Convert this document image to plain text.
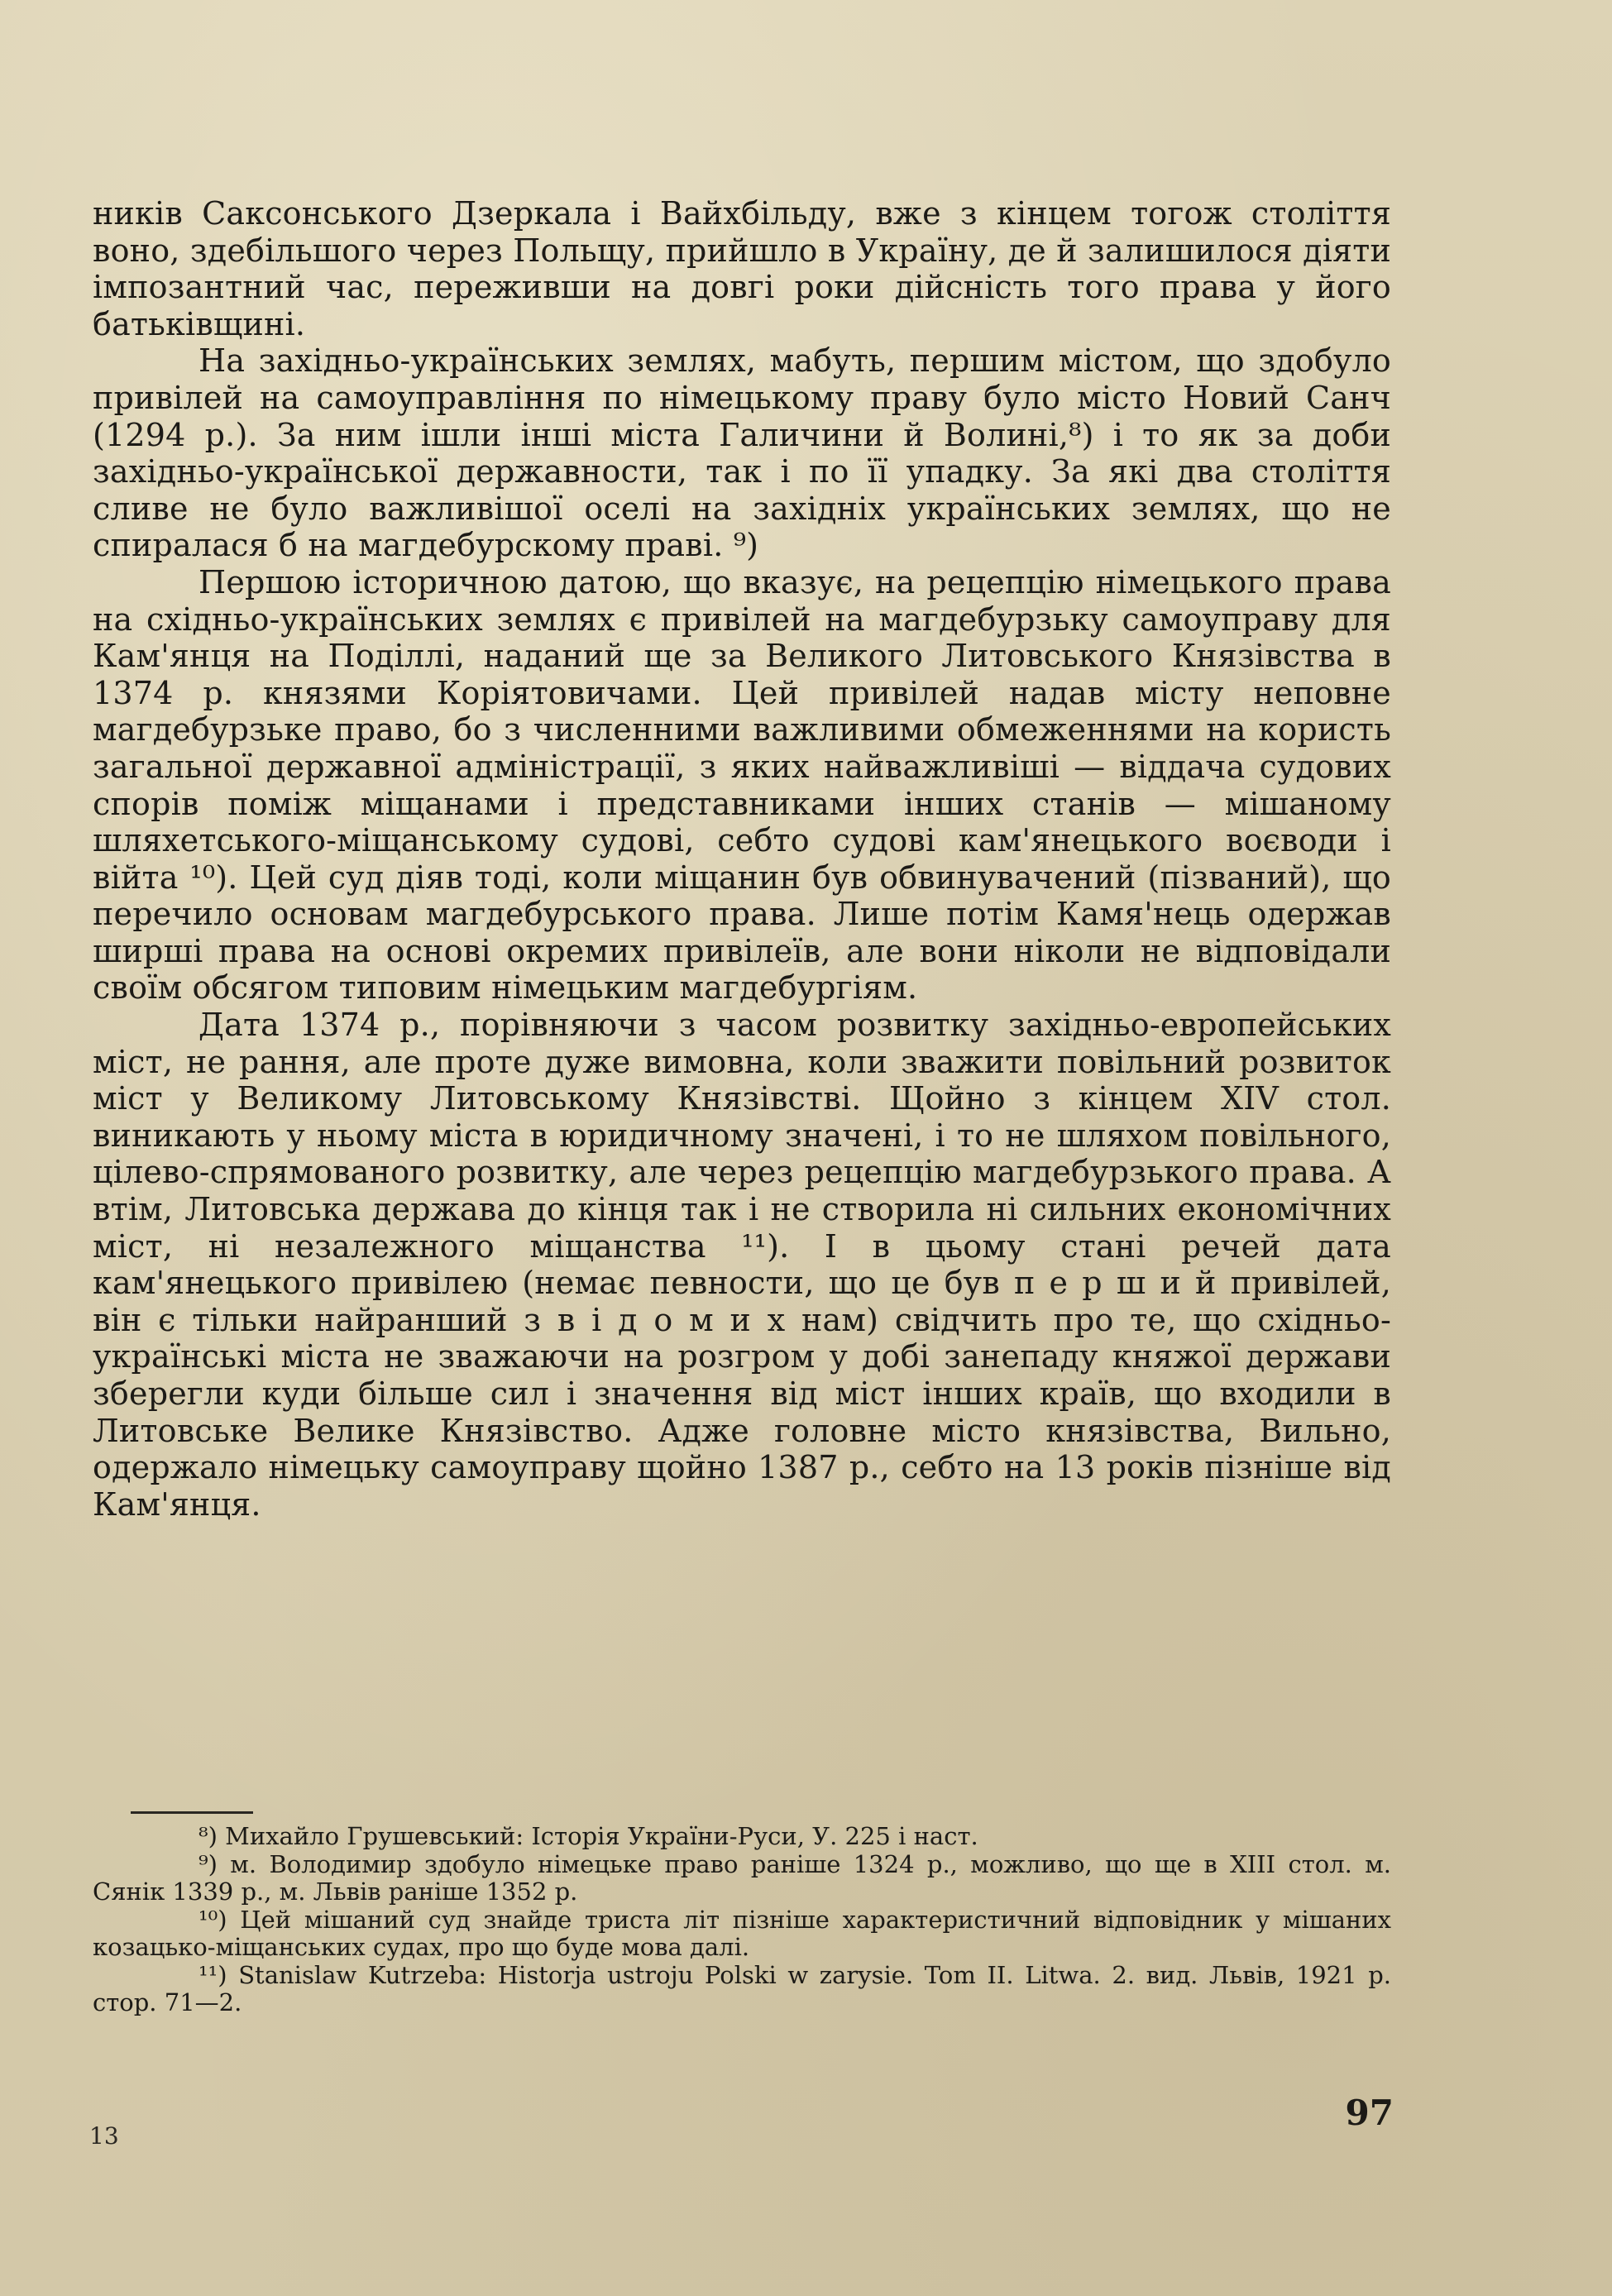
ників Саксонського Дзеркала і Вайхбільду, вже з кінцем тогож століття воно, здебільшого через Польщу, прийшло в Україну, де й залишилося діяти імпозантний час, переживши на довгі роки дійсність того права у його батьківщині.

На західньо-українських землях, мабуть, першим містом, що здобуло привілей на самоуправління по німецькому праву було місто Новий Санч (1294 р.). За ним ішли інші міста Галичини й Волині,⁸) і то як за доби західньо-української державности, так і по її упадку. За які два століття сливе не було важливішої оселі на західніх українських землях, що не спиралася б на магдебурскому праві. ⁹)

Першою історичною датою, що вказує, на рецепцію німецького права на східньо-українських землях є привілей на магдебурзьку самоуправу для Кам'янця на Поділлі, наданий ще за Великого Литовського Князівства в 1374 р. князями Коріятовичами. Цей привілей надав місту неповне магдебурзьке право, бо з численними важливими обмеженнями на користь загальної державної адміністрації, з яких найважливіші — віддача судових спорів поміж міщанами і представниками інших станів — мішаному шляхетського-міщанському судові, себто судові кам'янецького воєводи і війта ¹⁰). Цей суд діяв тоді, коли міщанин був обвинувачений (пізваний), що перечило основам магдебурського права. Лише потім Камя'нець одержав ширші права на основі окремих привілеїв, але вони ніколи не відповідали своїм обсягом типовим німецьким магдебургіям.

Дата 1374 р., порівняючи з часом розвитку західньо-европейських міст, не рання, але проте дуже вимовна, коли зважити повільний розвиток міст у Великому Литовському Князівстві. Щойно з кінцем XIV стол. виникають у ньому міста в юридичному значені, і то не шляхом повільного, цілево-спрямованого розвитку, але через рецепцію магдебурзького права. А втім, Литовська держава до кінця так і не створила ні сильних економічних міст, ні незалежного міщанства ¹¹). І в цьому стані речей дата кам'янецького привілею (немає певности, що це був п е р ш и й привілей, він є тільки найранший з в і д о м и х нам) свідчить про те, що східньо-українські міста не зважаючи на розгром у добі занепаду княжої держави зберегли куди більше сил і значення від міст інших країв, що входили в Литовське Велике Князівство. Адже головне місто князівства, Вильно, одержало німецьку самоуправу щойно 1387 р., себто на 13 років пізніше від Кам'янця.

⁸) Михайло Грушевський: Історія України-Руси, У. 225 і наст.

⁹) м. Володимир здобуло німецьке право раніше 1324 р., можливо, що ще в XIII стол. м. Сянік 1339 р., м. Львів раніше 1352 р.

¹⁰) Цей мішаний суд знайде триста літ пізніше характеристичний відповідник у мішаних козацько-міщанських судах, про що буде мова далі.

¹¹) Stanislaw Kutrzeba: Historja ustroju Polski w zarysie. Tom II. Litwa. 2. вид. Львів, 1921 р. стор. 71—2.

13
97
